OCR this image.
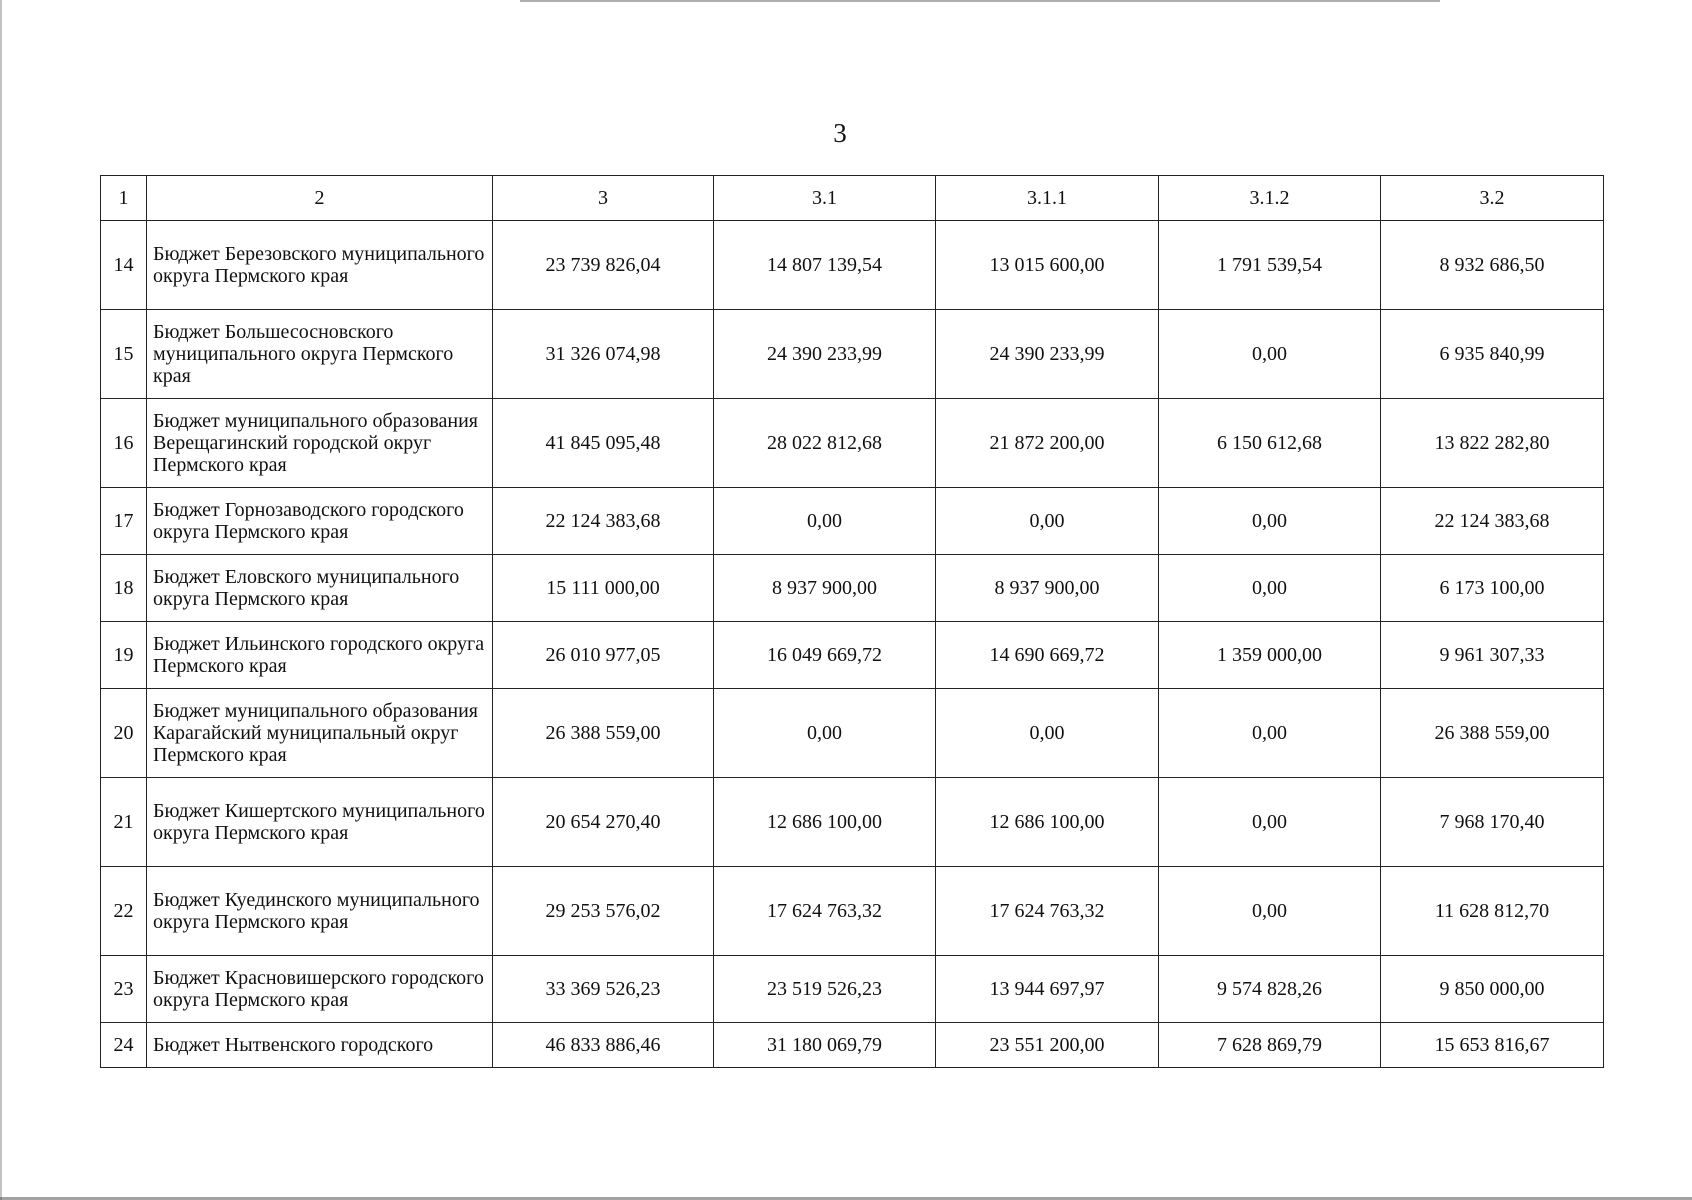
3
1	2	3	3.1	3.1.1	3.1.2	3.2
14	Бюджет Березовского муниципального округа Пермского края	23 739 826,04	14 807 139,54	13 015 600,00	1 791 539,54	8 932 686,50
15	Бюджет Большесосновского муниципального округа Пермского края	31 326 074,98	24 390 233,99	24 390 233,99	0,00	6 935 840,99
16	Бюджет муниципального образования Верещагинский городской округ Пермского края	41 845 095,48	28 022 812,68	21 872 200,00	6 150 612,68	13 822 282,80
17	Бюджет Горнозаводского городского округа Пермского края	22 124 383,68	0,00	0,00	0,00	22 124 383,68
18	Бюджет Еловского муниципального округа Пермского края	15 111 000,00	8 937 900,00	8 937 900,00	0,00	6 173 100,00
19	Бюджет Ильинского городского округа Пермского края	26 010 977,05	16 049 669,72	14 690 669,72	1 359 000,00	9 961 307,33
20	Бюджет муниципального образования Карагайский муниципальный округ Пермского края	26 388 559,00	0,00	0,00	0,00	26 388 559,00
21	Бюджет Кишертского муниципального округа Пермского края	20 654 270,40	12 686 100,00	12 686 100,00	0,00	7 968 170,40
22	Бюджет Куединского муниципального округа Пермского края	29 253 576,02	17 624 763,32	17 624 763,32	0,00	11 628 812,70
23	Бюджет Красновишерского городского округа Пермского края	33 369 526,23	23 519 526,23	13 944 697,97	9 574 828,26	9 850 000,00
24	Бюджет Нытвенского городского	46 833 886,46	31 180 069,79	23 551 200,00	7 628 869,79	15 653 816,67
